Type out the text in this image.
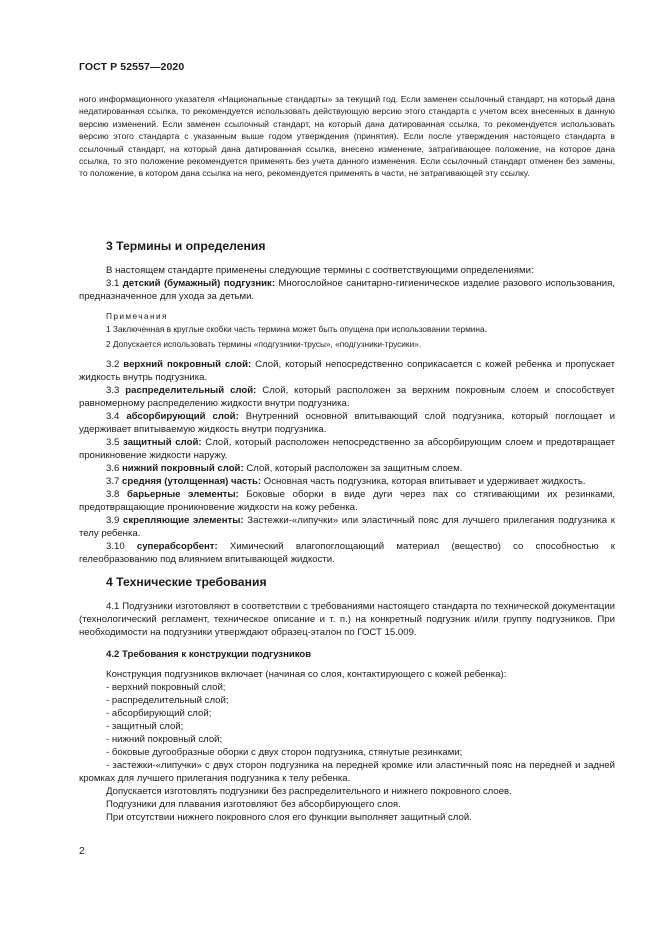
ГОСТ Р 52557—2020

ного информационного указателя «Национальные стандарты» за текущий год. Если заменен ссылочный стандарт, на который дана недатированная ссылка, то рекомендуется использовать действующую версию этого стандарта с учетом всех внесенных в данную версию изменений. Если заменен ссылочный стандарт, на который дана датированная ссылка, то рекомендуется использовать версию этого стандарта с указанным выше годом утверждения (принятия). Если после утверждения настоящего стандарта в ссылочный стандарт, на который дана датированная ссылка, внесено изменение, затрагивающее положение, на которое дана ссылка, то это положение рекомендуется применять без учета данного изменения. Если ссылочный стандарт отменен без замены, то положение, в котором дана ссылка на него, рекомендуется применять в части, не затрагивающей эту ссылку.

3 Термины и определения

В настоящем стандарте применены следующие термины с соответствующими определениями:

3.1 детский (бумажный) подгузник: Многослойное санитарно-гигиеническое изделие разового использования, предназначенное для ухода за детьми.

Примечания

1 Заключенная в круглые скобки часть термина может быть опущена при использовании термина.

2 Допускается использовать термины «подгузники-трусы», «подгузники-трусики».

3.2 верхний покровный слой: Слой, который непосредственно соприкасается с кожей ребенка и пропускает жидкость внутрь подгузника.

3.3 распределительный слой: Слой, который расположен за верхним покровным слоем и способствует равномерному распределению жидкости внутри подгузника.

3.4 абсорбирующий слой: Внутренний основной впитывающий слой подгузника, который поглощает и удерживает впитываемую жидкость внутри подгузника.

3.5 защитный слой: Слой, который расположен непосредственно за абсорбирующим слоем и предотвращает проникновение жидкости наружу.

3.6 нижний покровный слой: Слой, который расположен за защитным слоем.

3.7 средняя (утолщенная) часть: Основная часть подгузника, которая впитывает и удерживает жидкость.

3.8 барьерные элементы: Боковые оборки в виде дуги через пах со стягивающими их резинками, предотвращающие проникновение жидкости на кожу ребенка.

3.9 скрепляющие элементы: Застежки-«липучки» или эластичный пояс для лучшего прилегания подгузника к телу ребенка.

3.10 суперабсорбент: Химический влагопоглощающий материал (вещество) со способностью к гелеобразованию под влиянием впитывающей жидкости.

4 Технические требования

4.1 Подгузники изготовляют в соответствии с требованиями настоящего стандарта по технической документации (технологический регламент, техническое описание и т. п.) на конкретный подгузник и/или группу подгузников. При необходимости на подгузники утверждают образец-эталон по ГОСТ 15.009.

4.2 Требования к конструкции подгузников

Конструкция подгузников включает (начиная со слоя, контактирующего с кожей ребенка):

- верхний покровный слой;

- распределительный слой;

- абсорбирующий слой;

- защитный слой;

- нижний покровный слой;

- боковые дугообразные оборки с двух сторон подгузника, стянутые резинками;

- застежки-«липучки» с двух сторон подгузника на передней кромке или эластичный пояс на передней и задней кромках для лучшего прилегания подгузника к телу ребенка.

Допускается изготовлять подгузники без распределительного и нижнего покровного слоев.

Подгузники для плавания изготовляют без абсорбирующего слоя.

При отсутствии нижнего покровного слоя его функции выполняет защитный слой.

2
